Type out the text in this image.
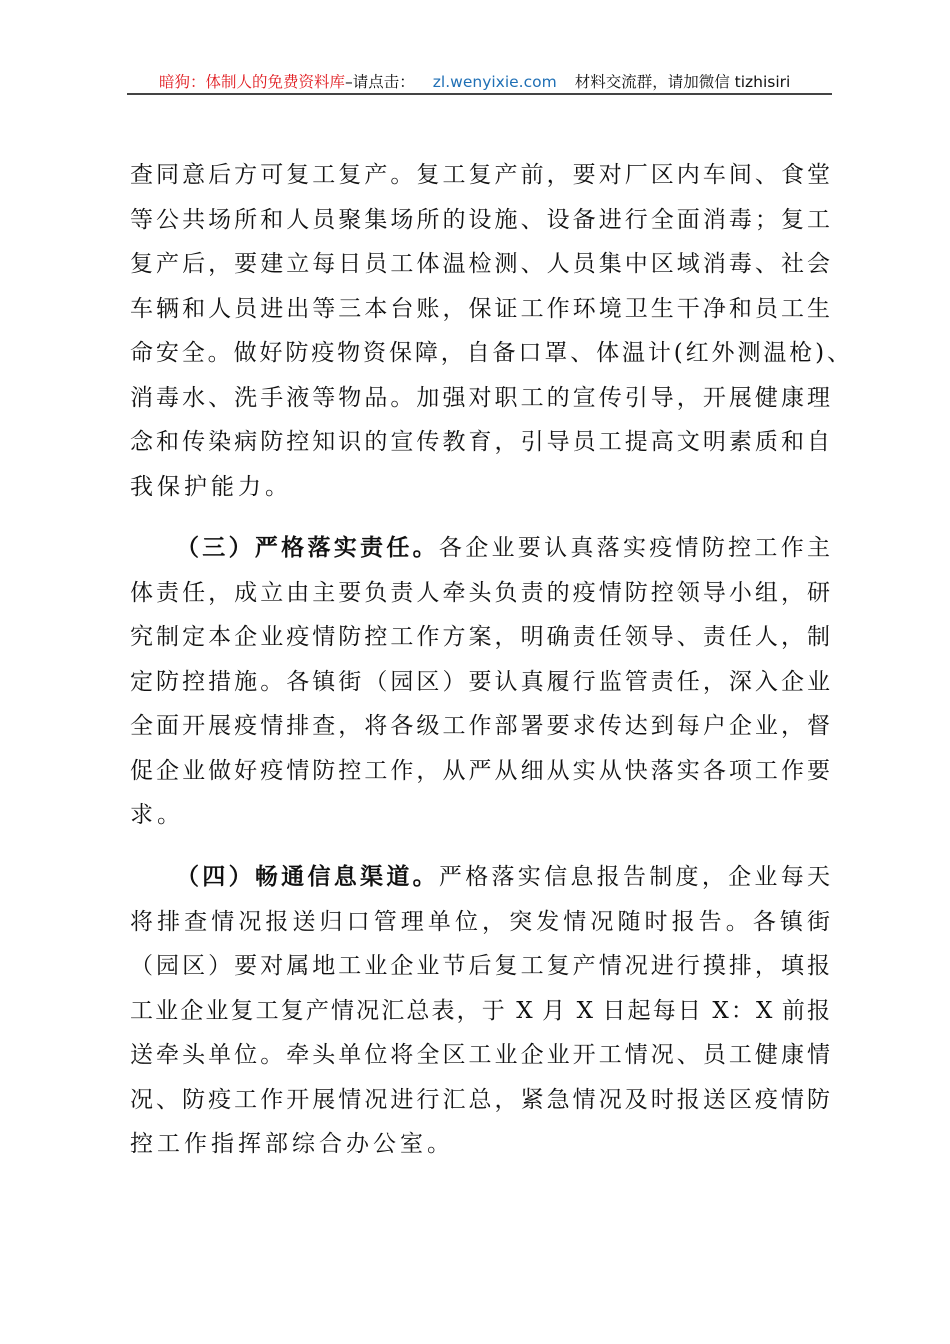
暗狗：体制人的免费资料库–请点击： zl.wenyixie.com 材料交流群，请加微信 tizhisiri
查同意后方可复工复产。复工复产前，要对厂区内车间、食堂
等公共场所和人员聚集场所的设施、设备进行全面消毒；复工
复产后，要建立每日员工体温检测、人员集中区域消毒、社会
车辆和人员进出等三本台账，保证工作环境卫生干净和员工生
命安全。做好防疫物资保障，自备口罩、体温计(红外测温枪)、
消毒水、洗手液等物品。加强对职工的宣传引导，开展健康理
念和传染病防控知识的宣传教育，引导员工提高文明素质和自
我保护能力。
（三）严格落实责任。各企业要认真落实疫情防控工作主
体责任，成立由主要负责人牵头负责的疫情防控领导小组，研
究制定本企业疫情防控工作方案，明确责任领导、责任人，制
定防控措施。各镇街（园区）要认真履行监管责任，深入企业
全面开展疫情排查，将各级工作部署要求传达到每户企业，督
促企业做好疫情防控工作，从严从细从实从快落实各项工作要
求。
（四）畅通信息渠道。严格落实信息报告制度，企业每天
将排查情况报送归口管理单位，突发情况随时报告。各镇街
（园区）要对属地工业企业节后复工复产情况进行摸排，填报
工业企业复工复产情况汇总表，于 X 月 X 日起每日 X：X 前报
送牵头单位。牵头单位将全区工业企业开工情况、员工健康情
况、防疫工作开展情况进行汇总，紧急情况及时报送区疫情防
控工作指挥部综合办公室。
